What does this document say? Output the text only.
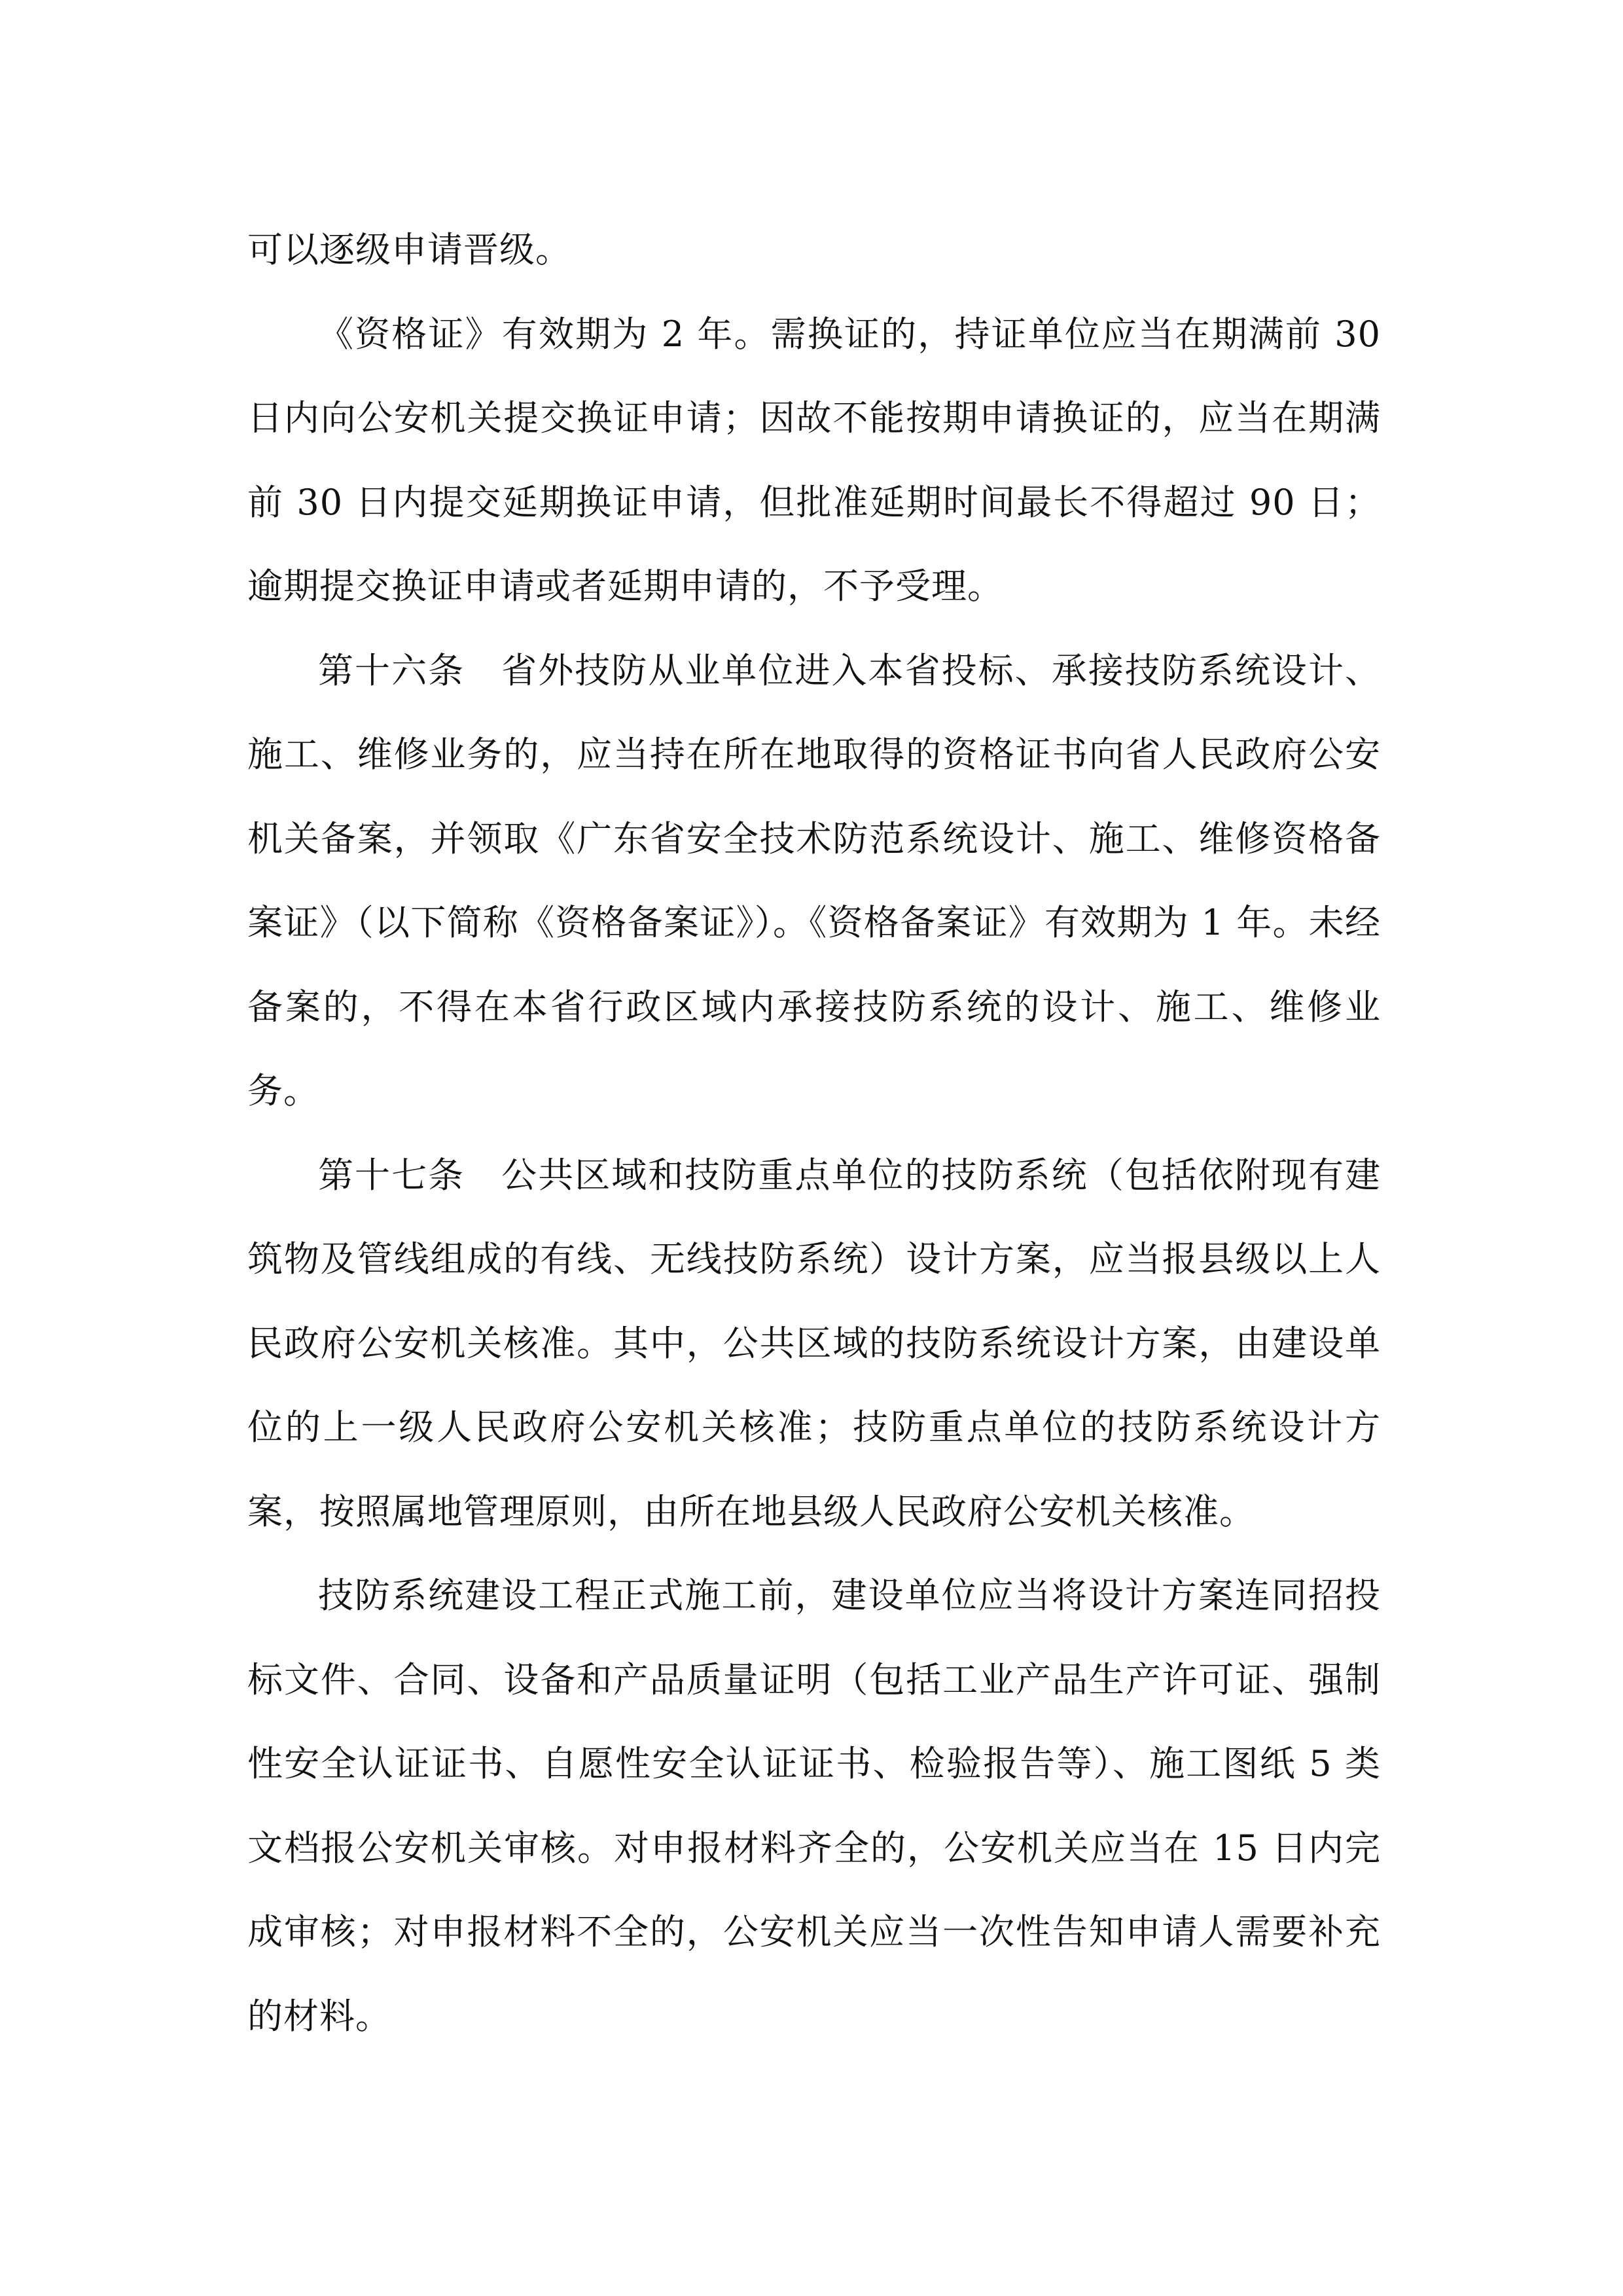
可以逐级申请晋级。

《资格证》有效期为 2 年。需换证的，持证单位应当在期满前 30 日内向公安机关提交换证申请；因故不能按期申请换证的，应当在期满前 30 日内提交延期换证申请，但批准延期时间最长不得超过 90 日；逾期提交换证申请或者延期申请的，不予受理。

第十六条　省外技防从业单位进入本省投标、承接技防系统设计、施工、维修业务的，应当持在所在地取得的资格证书向省人民政府公安机关备案，并领取《广东省安全技术防范系统设计、施工、维修资格备案证》（以下简称《资格备案证》）。《资格备案证》有效期为 1 年。未经备案的，不得在本省行政区域内承接技防系统的设计、施工、维修业务。

第十七条　公共区域和技防重点单位的技防系统（包括依附现有建筑物及管线组成的有线、无线技防系统）设计方案，应当报县级以上人民政府公安机关核准。其中，公共区域的技防系统设计方案，由建设单位的上一级人民政府公安机关核准；技防重点单位的技防系统设计方案，按照属地管理原则，由所在地县级人民政府公安机关核准。

技防系统建设工程正式施工前，建设单位应当将设计方案连同招投标文件、合同、设备和产品质量证明（包括工业产品生产许可证、强制性安全认证证书、自愿性安全认证证书、检验报告等）、施工图纸 5 类文档报公安机关审核。对申报材料齐全的，公安机关应当在 15 日内完成审核；对申报材料不全的，公安机关应当一次性告知申请人需要补充的材料。
